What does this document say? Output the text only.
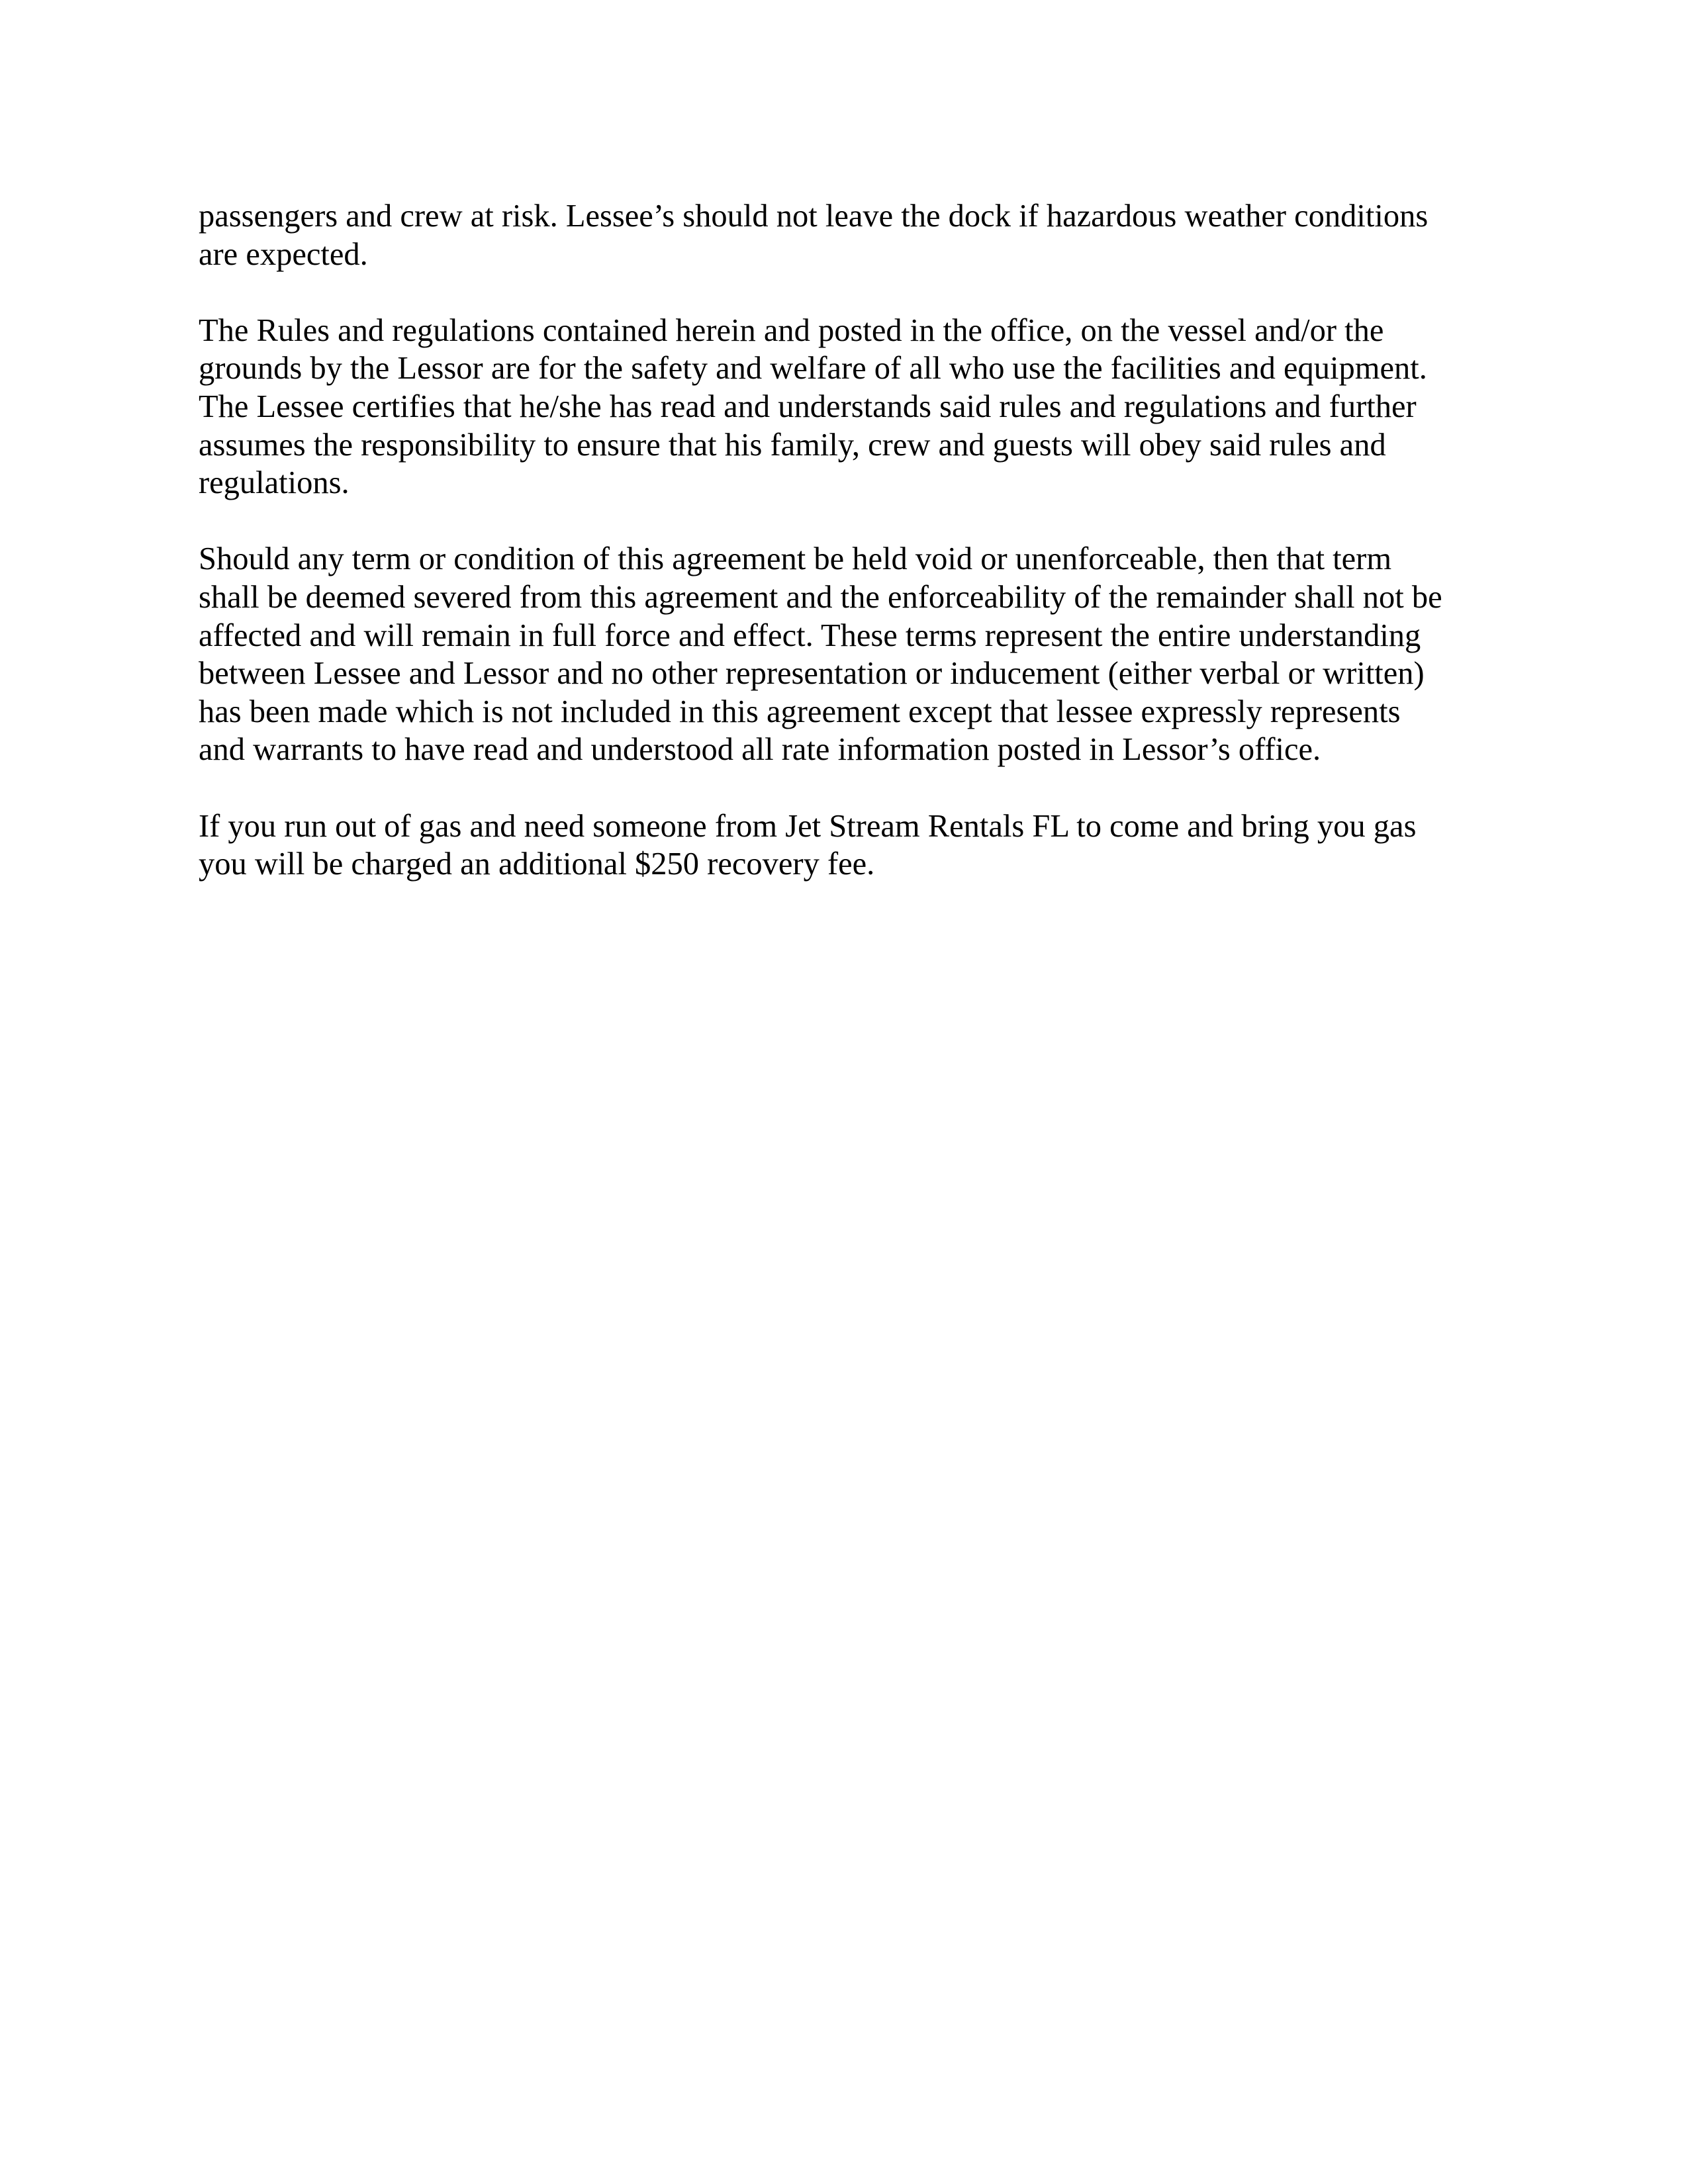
passengers and crew at risk. Lessee’s should not leave the dock if hazardous weather conditions
are expected.

The Rules and regulations contained herein and posted in the office, on the vessel and/or the
grounds by the Lessor are for the safety and welfare of all who use the facilities and equipment.
The Lessee certifies that he/she has read and understands said rules and regulations and further
assumes the responsibility to ensure that his family, crew and guests will obey said rules and
regulations.

Should any term or condition of this agreement be held void or unenforceable, then that term
shall be deemed severed from this agreement and the enforceability of the remainder shall not be
affected and will remain in full force and effect. These terms represent the entire understanding
between Lessee and Lessor and no other representation or inducement (either verbal or written)
has been made which is not included in this agreement except that lessee expressly represents
and warrants to have read and understood all rate information posted in Lessor’s office.

If you run out of gas and need someone from Jet Stream Rentals FL to come and bring you gas
you will be charged an additional $250 recovery fee.
